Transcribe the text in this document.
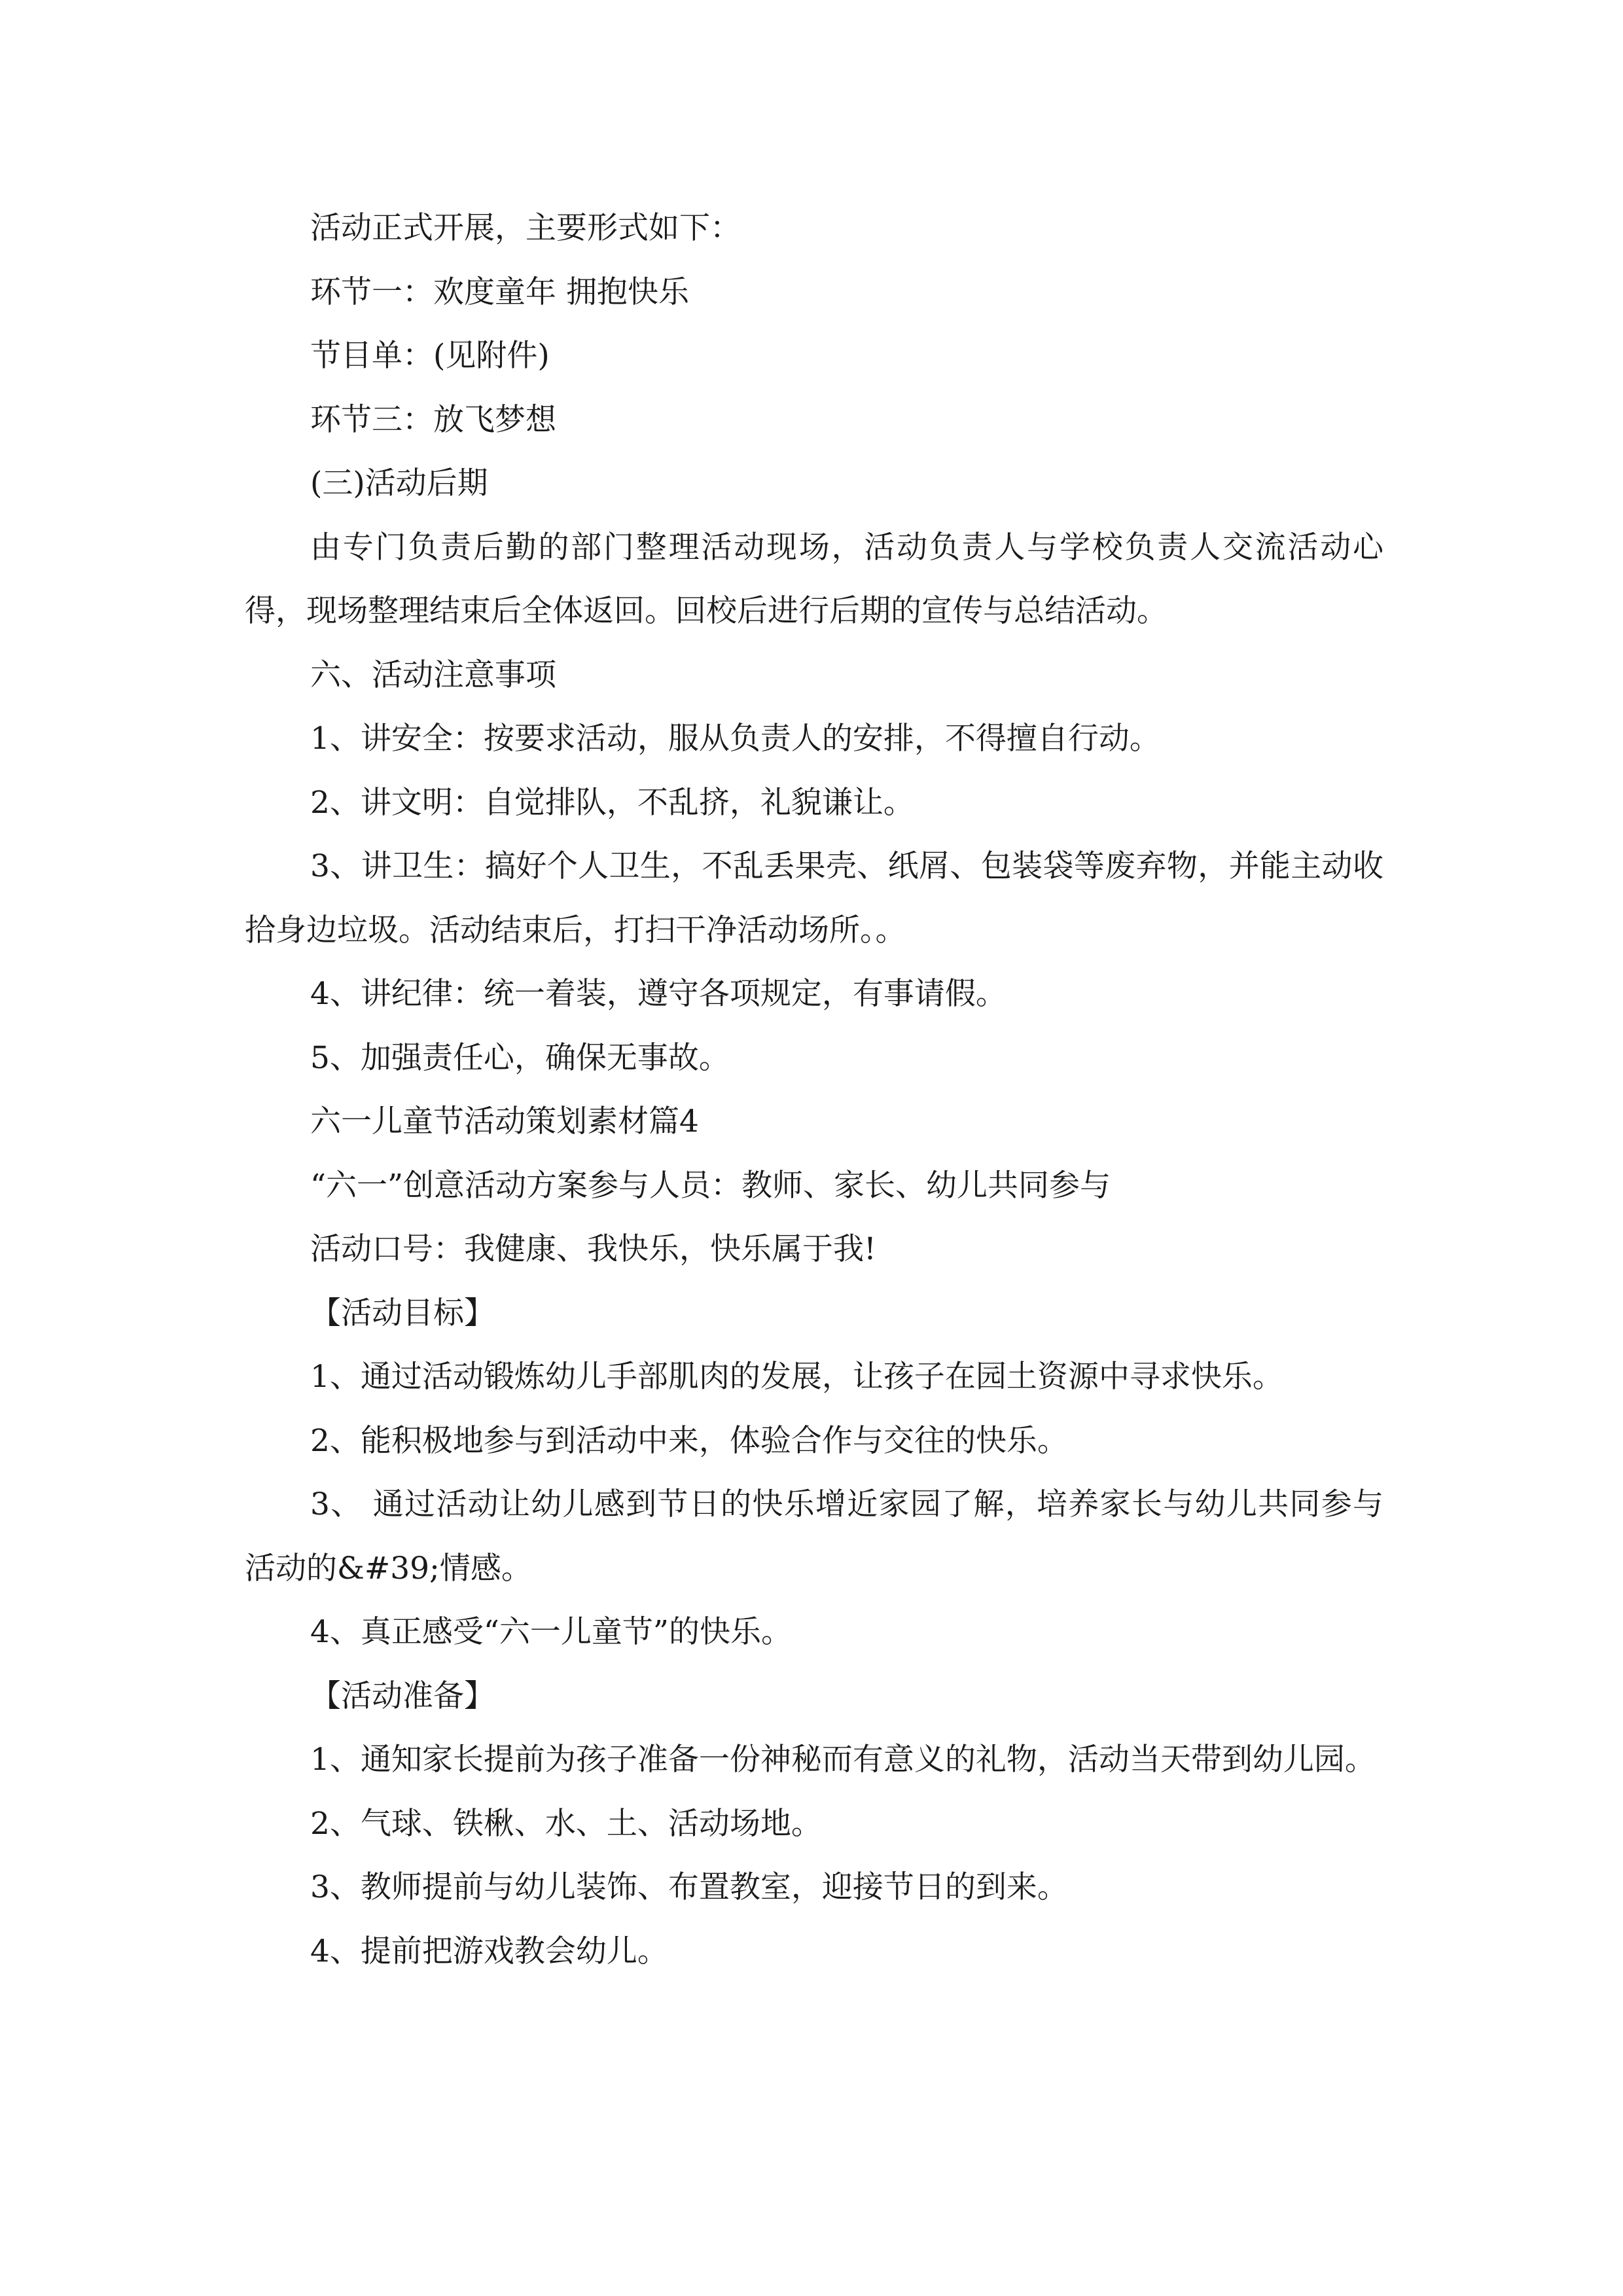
活动正式开展，主要形式如下：

环节一：欢度童年 拥抱快乐

节目单：(见附件)

环节三：放飞梦想

(三)活动后期

由专门负责后勤的部门整理活动现场，活动负责人与学校负责人交流活动心得，现场整理结束后全体返回。回校后进行后期的宣传与总结活动。

六、活动注意事项

1、讲安全：按要求活动，服从负责人的安排，不得擅自行动。

2、讲文明：自觉排队，不乱挤，礼貌谦让。

3、讲卫生：搞好个人卫生，不乱丢果壳、纸屑、包装袋等废弃物，并能主动收拾身边垃圾。活动结束后，打扫干净活动场所。。

4、讲纪律：统一着装，遵守各项规定，有事请假。

5、加强责任心，确保无事故。

六一儿童节活动策划素材篇4

“六一”创意活动方案参与人员：教师、家长、幼儿共同参与

活动口号：我健康、我快乐，快乐属于我!

【活动目标】

1、通过活动锻炼幼儿手部肌肉的发展，让孩子在园土资源中寻求快乐。

2、能积极地参与到活动中来，体验合作与交往的快乐。

3、 通过活动让幼儿感到节日的快乐增近家园了解，培养家长与幼儿共同参与活动的&#39;情感。

4、真正感受“六一儿童节”的快乐。

【活动准备】

1、通知家长提前为孩子准备一份神秘而有意义的礼物，活动当天带到幼儿园。

2、气球、铁楸、水、土、活动场地。

3、教师提前与幼儿装饰、布置教室，迎接节日的到来。

4、提前把游戏教会幼儿。
